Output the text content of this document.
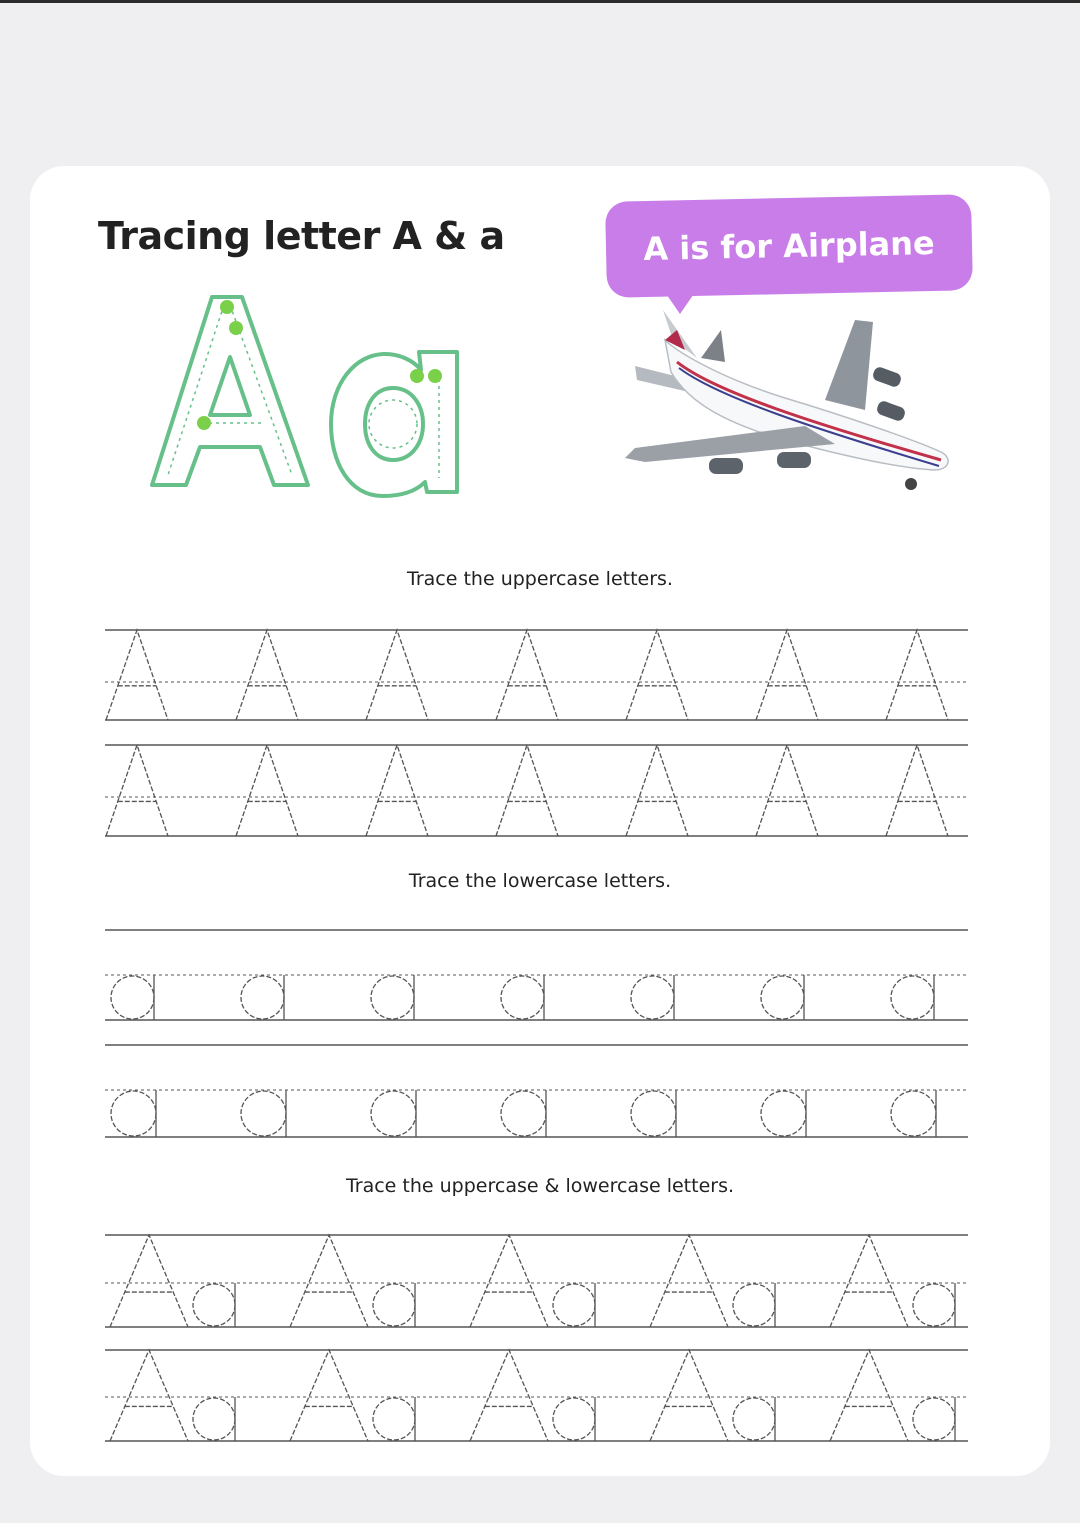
Tracing letter A & a	A is for Airplane

Trace the uppercase letters.

Trace the lowercase letters.

Trace the uppercase & lowercase letters.
